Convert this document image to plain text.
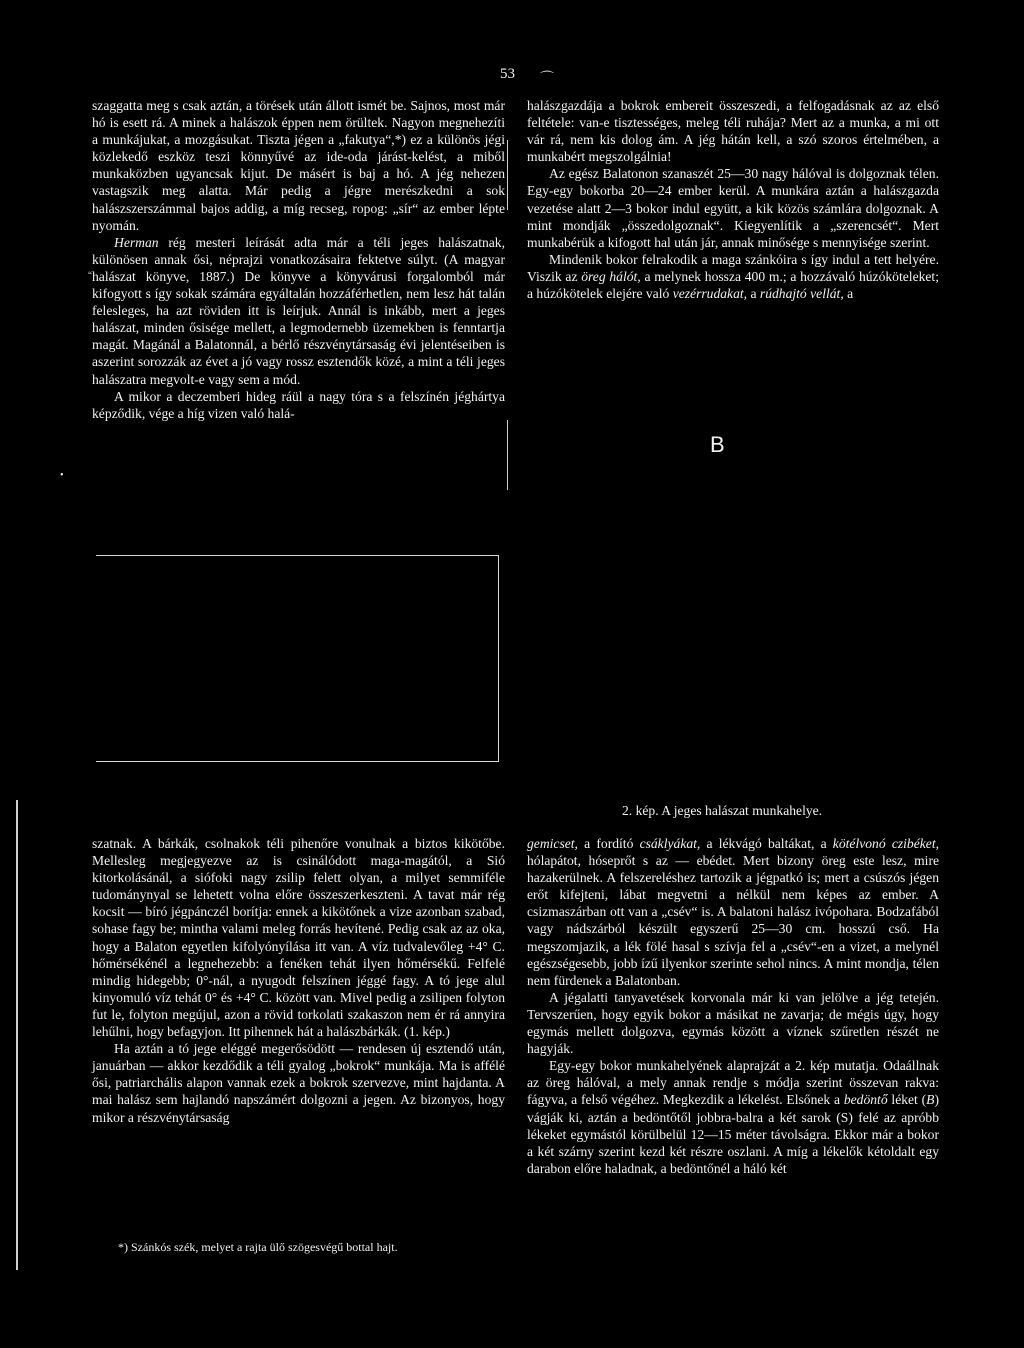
53 ⌒

szaggatta meg s csak aztán, a törések után állott ismét be. Sajnos, most már hó is esett rá. A minek a halászok éppen nem örültek. Nagyon megnehezíti a munkájukat, a mozgásukat. Tiszta jégen a „fakutya“,*) ez a különös jégi közlekedő eszköz teszi könnyűvé az ide-oda járást-kelést, a miből munkaközben ugyancsak kijut. De másért is baj a hó. A jég nehezen vastagszik meg alatta. Már pedig a jégre merészkedni a sok halászszerszámmal bajos addig, a míg recseg, ropog: „sír“ az ember lépte nyomán.

Herman rég mesteri leírását adta már a téli jeges halászatnak, különösen annak ősi, néprajzi vonatkozásaira fektetve súlyt. (A magyar halászat könyve, 1887.) De könyve a könyvárusi forgalomból már kifogyott s így sokak számára egyáltalán hozzáférhetlen, nem lesz hát talán felesleges, ha azt röviden itt is leírjuk. Annál is inkább, mert a jeges halászat, minden ősisége mellett, a legmodernebb üzemekben is fenntartja magát. Magánál a Balatonnál, a bérlő részvénytársaság évi jelentéseiben is aszerint sorozzák az évet a jó vagy rossz esztendők közé, a mint a téli jeges halászatra megvolt-e vagy sem a mód.

A mikor a deczemberi hideg ráül a nagy tóra s a felszínén jéghártya képződik, vége a híg vizen való halá-

halászgazdája a bokrok embereit összeszedi, a felfogadásnak az az első feltétele: van-e tisztességes, meleg téli ruhája? Mert az a munka, a mi ott vár rá, nem kis dolog ám. A jég hátán kell, a szó szoros értelmében, a munkabért megszolgálnia!

Az egész Balatonon szanaszét 25—30 nagy hálóval is dolgoznak télen. Egy-egy bokorba 20—24 ember kerül. A munkára aztán a halászgazda vezetése alatt 2—3 bokor indul együtt, a kik közös számlára dolgoznak. A mint mondják „összedolgoznak“. Kiegyenlítik a „szerencsét“. Mert munkabérük a kifogott hal után jár, annak minősége s mennyisége szerint.

Mindenik bokor felrakodik a maga szánkóira s így indul a tett helyére. Viszik az öreg hálót, a melynek hossza 400 m.; a hozzávaló húzóköteleket; a húzókötelek elejére való vezérrudakat, a rúdhajtó vellát, a

B
2. kép. A jeges halászat munkahelye.

szatnak. A bárkák, csolnakok téli pihenőre vonulnak a biztos kikötőbe. Mellesleg megjegyezve az is csinálódott maga-magától, a Sió kitorkolásánál, a siófoki nagy zsilip felett olyan, a milyet semmiféle tudománynyal se lehetett volna előre összeszerkeszteni. A tavat már rég kocsit — bíró jégpánczél borítja: ennek a kikötőnek a vize azonban szabad, sohase fagy be; mintha valami meleg forrás hevítené. Pedig csak az az oka, hogy a Balaton egyetlen kifolyónyílása itt van. A víz tudvalevőleg +4° C. hőmérsékénél a legnehezebb: a fenéken tehát ilyen hőmérsékű. Felfelé mindig hidegebb; 0°-nál, a nyugodt felszínen jéggé fagy. A tó jege alul kinyomuló víz tehát 0° és +4° C. között van. Mivel pedig a zsilipen folyton fut le, folyton megújul, azon a rövid torkolati szakaszon nem ér rá annyira lehűlni, hogy befagyjon. Itt pihennek hát a halászbárkák. (1. kép.)

Ha aztán a tó jege eléggé megerősödött — rendesen új esztendő után, januárban — akkor kezdődik a téli gyalog „bokrok“ munkája. Ma is affélé ősi, patriarchális alapon vannak ezek a bokrok szervezve, mint hajdanta. A mai halász sem hajlandó napszámért dolgozni a jegen. Az bizonyos, hogy mikor a részvénytársaság

gemicset, a fordító csáklyákat, a lékvágó baltákat, a kötélvonó czibéket, hólapátot, hóseprőt s az — ebédet. Mert bizony öreg este lesz, mire hazakerülnek. A felszereléshez tartozik a jégpatkó is; mert a csúszós jégen erőt kifejteni, lábat megvetni a nélkül nem képes az ember. A csizmaszárban ott van a „csév“ is. A balatoni halász ivópohara. Bodzafából vagy nádszárból készült egyszerű 25—30 cm. hosszú cső. Ha megszomjazik, a lék fölé hasal s szívja fel a „csév“-en a vizet, a melynél egészségesebb, jobb ízű ilyenkor szerinte sehol nincs. A mint mondja, télen nem fürdenek a Balatonban.

A jégalatti tanyavetések korvonala már ki van jelölve a jég tetején. Tervszerűen, hogy egyik bokor a másikat ne zavarja; de mégis úgy, hogy egymás mellett dolgozva, egymás között a víznek szűretlen részét ne hagyják.

Egy-egy bokor munkahelyének alaprajzát a 2. kép mutatja. Odaállnak az öreg hálóval, a mely annak rendje s módja szerint összevan rakva: fágyva, a felső végéhez. Megkezdik a lékelést. Elsőnek a bedöntő léket (B) vágják ki, aztán a bedöntőtől jobbra-balra a két sarok (S) felé az apróbb lékeket egymástól körülbelül 12—15 méter távolságra. Ekkor már a bokor a két szárny szerint kezd két részre oszlani. A míg a lékelők kétoldalt egy darabon előre haladnak, a bedöntőnél a háló két

*) Szánkós szék, melyet a rajta ülő szögesvégű bottal hajt.
•
“
